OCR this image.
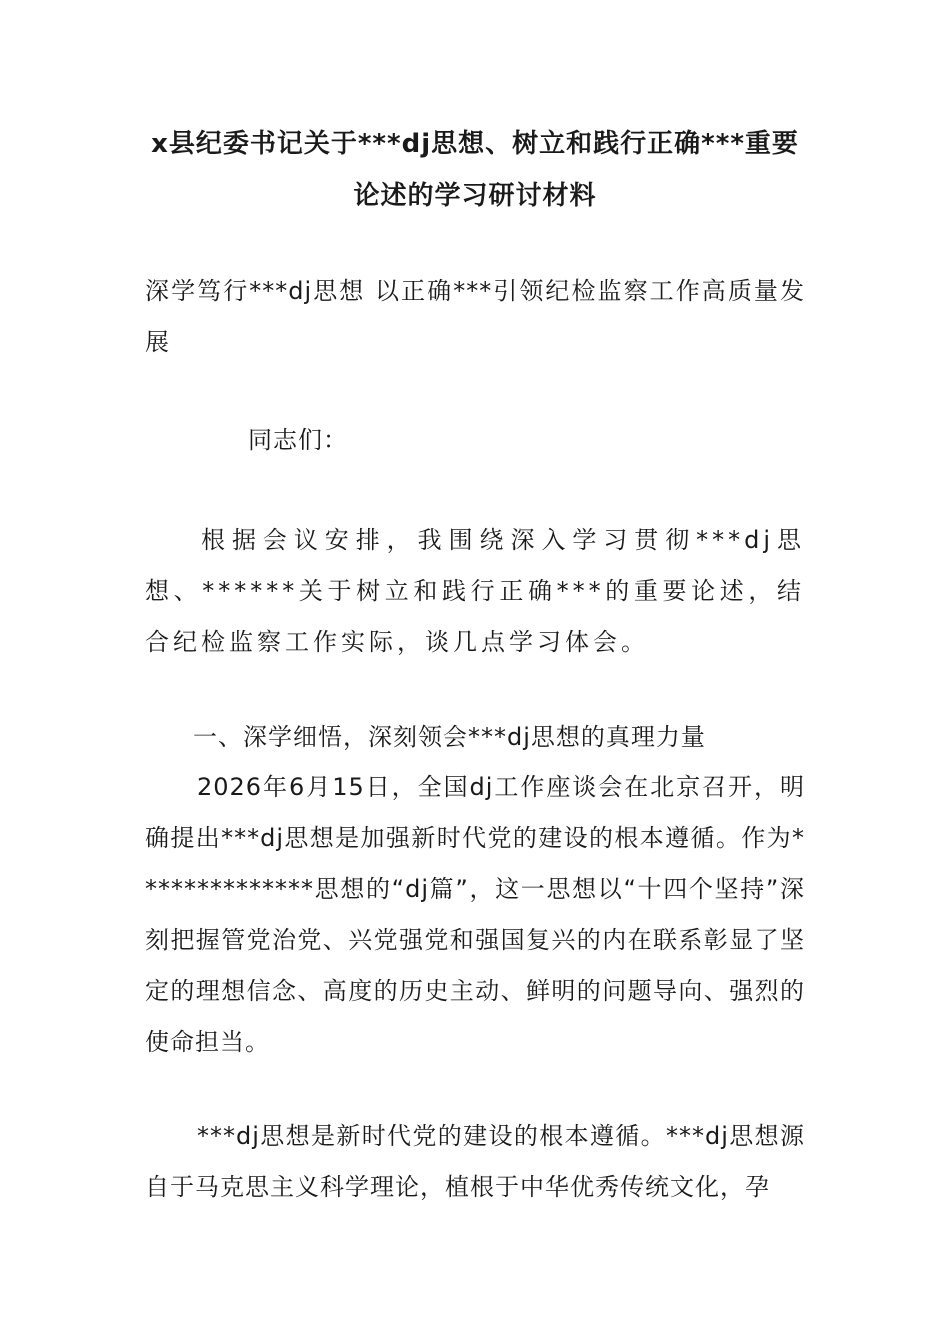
x县纪委书记关于***dj思想、树立和践行正确***重要论述的学习研讨材料
深学笃行***dj思想 以正确***引领纪检监察工作高质量发展
同志们：
根据会议安排，我围绕深入学习贯彻***dj思想、******关于树立和践行正确***的重要论述，结合纪检监察工作实际，谈几点学习体会。
一、深学细悟，深刻领会***dj思想的真理力量
2026年6月15日，全国dj工作座谈会在北京召开，明确提出***dj思想是加强新时代党的建设的根本遵循。作为**************思想的“dj篇”，这一思想以“十四个坚持”深刻把握管党治党、兴党强党和强国复兴的内在联系彰显了坚定的理想信念、高度的历史主动、鲜明的问题导向、强烈的使命担当。
***dj思想是新时代党的建设的根本遵循。***dj思想源自于马克思主义科学理论，植根于中华优秀传统文化，孕
